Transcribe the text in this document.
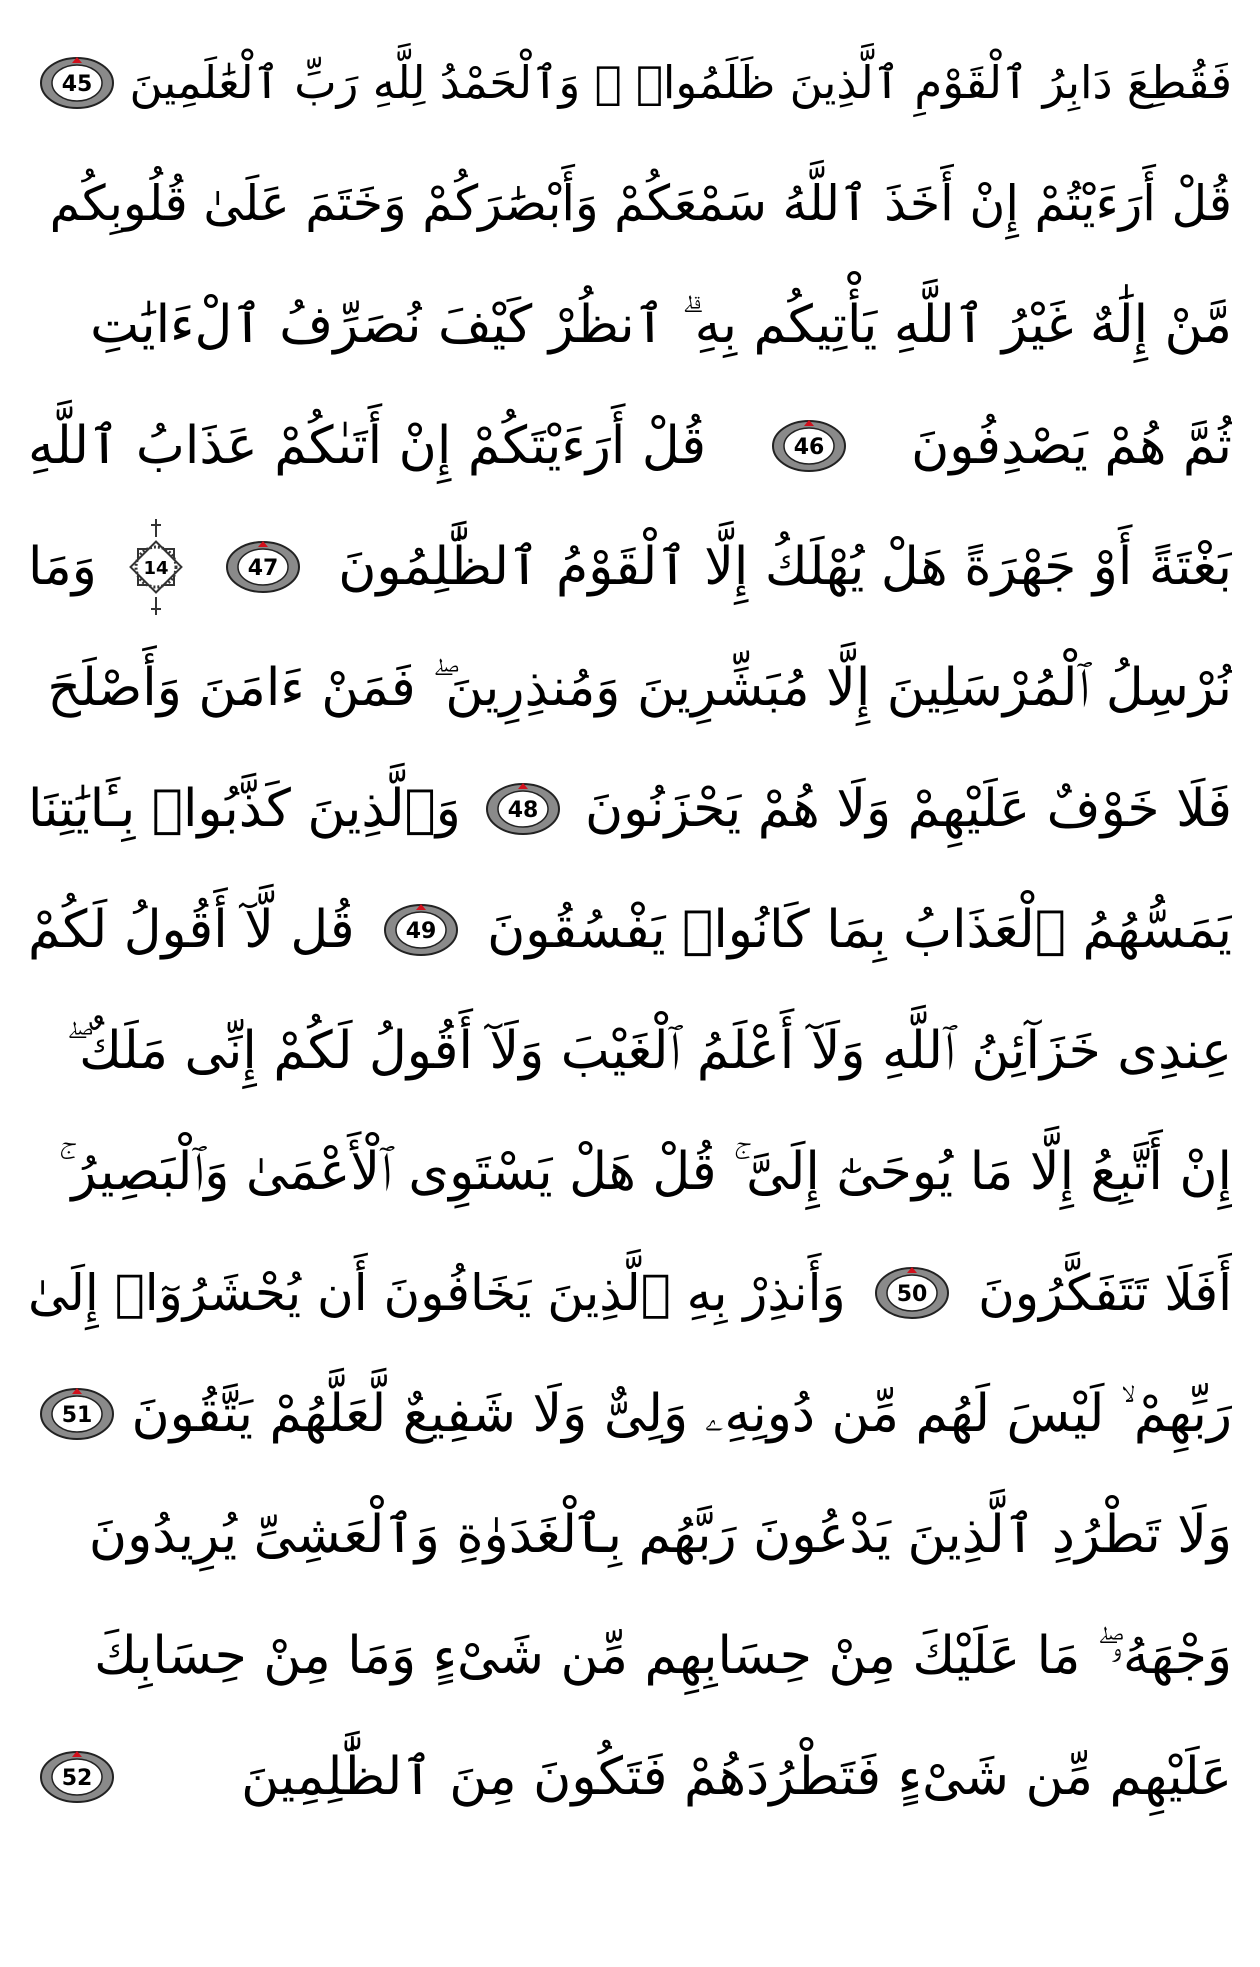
فَقُطِعَ دَابِرُ ٱلْقَوْمِ ٱلَّذِينَ ظَلَمُوا۟ ۚ وَٱلْحَمْدُ لِلَّهِ رَبِّ ٱلْعَٰلَمِينَ
45
قُلْ أَرَءَيْتُمْ إِنْ أَخَذَ ٱللَّهُ سَمْعَكُمْ وَأَبْصَٰرَكُمْ وَخَتَمَ عَلَىٰ قُلُوبِكُم
مَّنْ إِلَٰهٌ غَيْرُ ٱللَّهِ يَأْتِيكُم بِهِ ۗ ٱنظُرْ كَيْفَ نُصَرِّفُ ٱلْءَايَٰتِ
ثُمَّ هُمْ يَصْدِفُونَ
46
قُلْ أَرَءَيْتَكُمْ إِنْ أَتَىٰكُمْ عَذَابُ ٱللَّهِ
بَغْتَةً أَوْ جَهْرَةً هَلْ يُهْلَكُ إِلَّا ٱلْقَوْمُ ٱلظَّٰلِمُونَ
47
14
وَمَا
نُرْسِلُ ٱلْمُرْسَلِينَ إِلَّا مُبَشِّرِينَ وَمُنذِرِينَ ۖ فَمَنْ ءَامَنَ وَأَصْلَحَ
فَلَا خَوْفٌ عَلَيْهِمْ وَلَا هُمْ يَحْزَنُونَ
48
وَٱلَّذِينَ كَذَّبُوا۟ بِـَٔايَٰتِنَا
يَمَسُّهُمُ ٱلْعَذَابُ بِمَا كَانُوا۟ يَفْسُقُونَ
49
قُل لَّآ أَقُولُ لَكُمْ
عِندِى خَزَآئِنُ ٱللَّهِ وَلَآ أَعْلَمُ ٱلْغَيْبَ وَلَآ أَقُولُ لَكُمْ إِنِّى مَلَكٌ ۖ
إِنْ أَتَّبِعُ إِلَّا مَا يُوحَىٰٓ إِلَىَّ ۚ قُلْ هَلْ يَسْتَوِى ٱلْأَعْمَىٰ وَٱلْبَصِيرُ ۚ
أَفَلَا تَتَفَكَّرُونَ
50
وَأَنذِرْ بِهِ ٱلَّذِينَ يَخَافُونَ أَن يُحْشَرُوٓا۟ إِلَىٰ
رَبِّهِمْ ۙ لَيْسَ لَهُم مِّن دُونِهِۦ وَلِىٌّ وَلَا شَفِيعٌ لَّعَلَّهُمْ يَتَّقُونَ
51
وَلَا تَطْرُدِ ٱلَّذِينَ يَدْعُونَ رَبَّهُم بِٱلْغَدَوٰةِ وَٱلْعَشِىِّ يُرِيدُونَ
وَجْهَهُۥ ۖ مَا عَلَيْكَ مِنْ حِسَابِهِم مِّن شَىْءٍ وَمَا مِنْ حِسَابِكَ
عَلَيْهِم مِّن شَىْءٍ فَتَطْرُدَهُمْ فَتَكُونَ مِنَ ٱلظَّٰلِمِينَ
52
